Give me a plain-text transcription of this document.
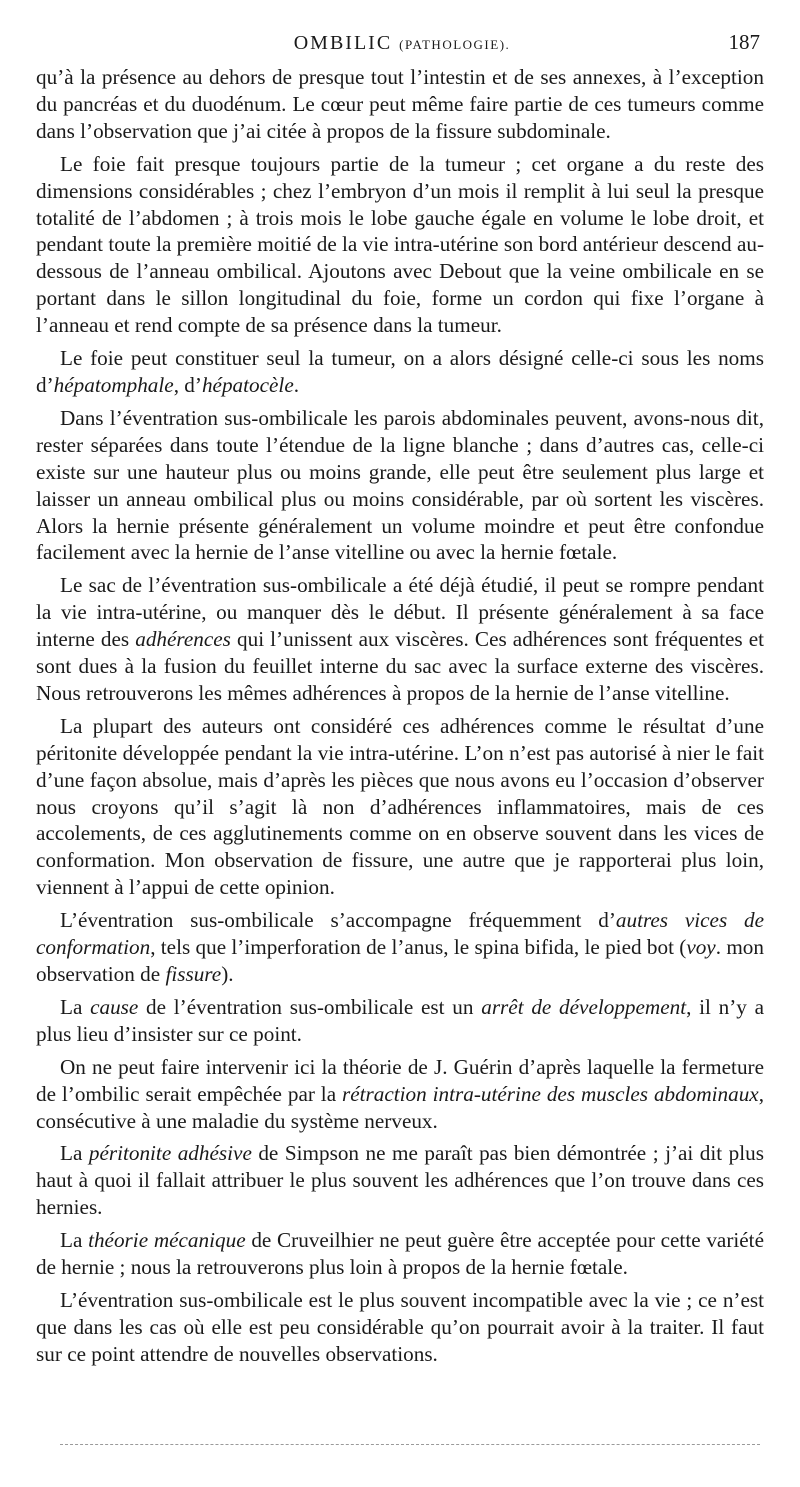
OMBILIC (PATHOLOGIE).	187

qu’à la présence au dehors de presque tout l’intestin et de ses annexes, à l’exception du pancréas et du duodénum. Le cœur peut même faire partie de ces tumeurs comme dans l’observation que j’ai citée à propos de la fissure subdominale.

Le foie fait presque toujours partie de la tumeur ; cet organe a du reste des dimensions considérables ; chez l’embryon d’un mois il remplit à lui seul la presque totalité de l’abdomen ; à trois mois le lobe gauche égale en volume le lobe droit, et pendant toute la première moitié de la vie intra-utérine son bord antérieur descend au-dessous de l’anneau ombilical. Ajoutons avec Debout que la veine ombilicale en se portant dans le sillon longitudinal du foie, forme un cordon qui fixe l’organe à l’anneau et rend compte de sa présence dans la tumeur.

Le foie peut constituer seul la tumeur, on a alors désigné celle-ci sous les noms d’hépatomphale, d’hépatocèle.

Dans l’éventration sus-ombilicale les parois abdominales peuvent, avons-nous dit, rester séparées dans toute l’étendue de la ligne blanche ; dans d’autres cas, celle-ci existe sur une hauteur plus ou moins grande, elle peut être seulement plus large et laisser un anneau ombilical plus ou moins considérable, par où sortent les viscères. Alors la hernie présente généralement un volume moindre et peut être confondue facilement avec la hernie de l’anse vitelline ou avec la hernie fœtale.

Le sac de l’éventration sus-ombilicale a été déjà étudié, il peut se rompre pendant la vie intra-utérine, ou manquer dès le début. Il présente généralement à sa face interne des adhérences qui l’unissent aux viscères. Ces adhérences sont fréquentes et sont dues à la fusion du feuillet interne du sac avec la surface externe des viscères. Nous retrouverons les mêmes adhérences à propos de la hernie de l’anse vitelline.

La plupart des auteurs ont considéré ces adhérences comme le résultat d’une péritonite développée pendant la vie intra-utérine. L’on n’est pas autorisé à nier le fait d’une façon absolue, mais d’après les pièces que nous avons eu l’occasion d’observer nous croyons qu’il s’agit là non d’adhérences inflammatoires, mais de ces accolements, de ces agglutinements comme on en observe souvent dans les vices de conformation. Mon observation de fissure, une autre que je rapporterai plus loin, viennent à l’appui de cette opinion.

L’éventration sus-ombilicale s’accompagne fréquemment d’autres vices de conformation, tels que l’imperforation de l’anus, le spina bifida, le pied bot (voy. mon observation de fissure).

La cause de l’éventration sus-ombilicale est un arrêt de développement, il n’y a plus lieu d’insister sur ce point.

On ne peut faire intervenir ici la théorie de J. Guérin d’après laquelle la fermeture de l’ombilic serait empêchée par la rétraction intra-utérine des muscles abdominaux, consécutive à une maladie du système nerveux.

La péritonite adhésive de Simpson ne me paraît pas bien démontrée ; j’ai dit plus haut à quoi il fallait attribuer le plus souvent les adhérences que l’on trouve dans ces hernies.

La théorie mécanique de Cruveilhier ne peut guère être acceptée pour cette variété de hernie ; nous la retrouverons plus loin à propos de la hernie fœtale.

L’éventration sus-ombilicale est le plus souvent incompatible avec la vie ; ce n’est que dans les cas où elle est peu considérable qu’on pourrait avoir à la traiter. Il faut sur ce point attendre de nouvelles observations.
